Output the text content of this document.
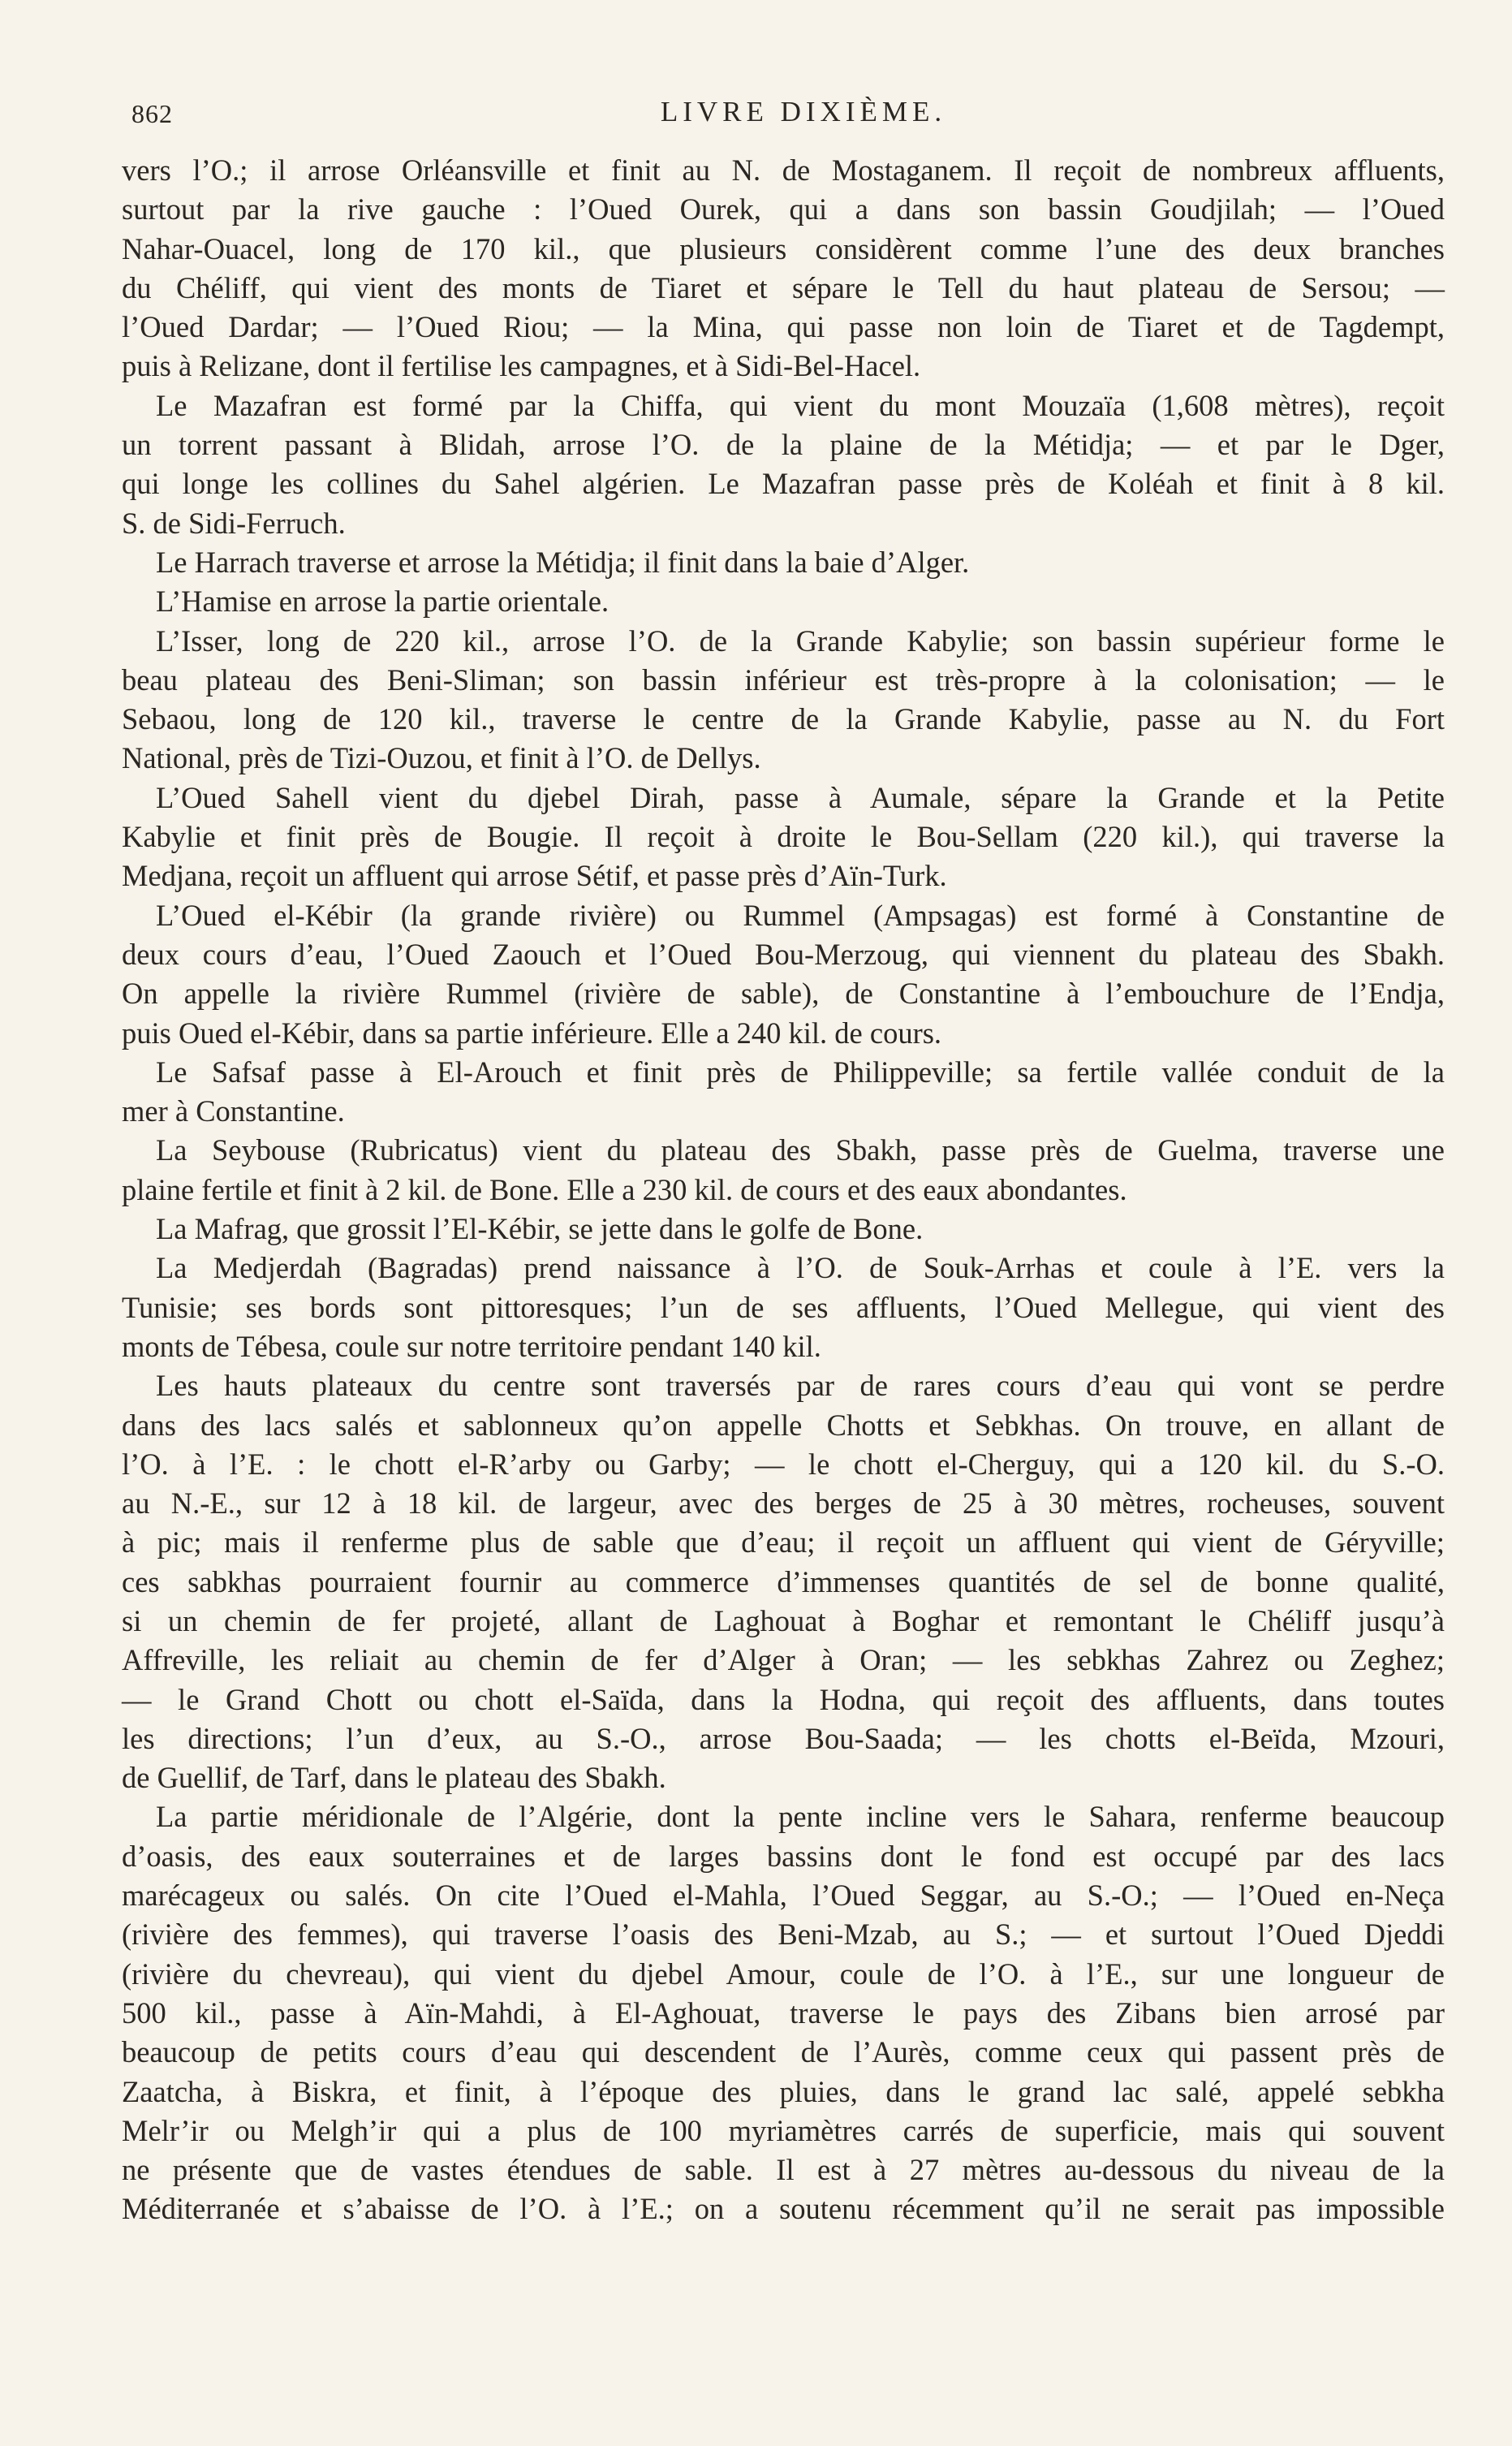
862	LIVRE DIXIÈME.
vers l’O.; il arrose Orléansville et finit au N. de Mostaganem. Il reçoit de nombreux affluents,
surtout par la rive gauche : l’Oued Ourek, qui a dans son bassin Goudjilah; — l’Oued
Nahar-Ouacel, long de 170 kil., que plusieurs considèrent comme l’une des deux branches
du Chéliff, qui vient des monts de Tiaret et sépare le Tell du haut plateau de Sersou; —
l’Oued Dardar; — l’Oued Riou; — la Mina, qui passe non loin de Tiaret et de Tagdempt,
puis à Relizane, dont il fertilise les campagnes, et à Sidi-Bel-Hacel.
Le Mazafran est formé par la Chiffa, qui vient du mont Mouzaïa (1,608 mètres), reçoit
un torrent passant à Blidah, arrose l’O. de la plaine de la Métidja; — et par le Dger,
qui longe les collines du Sahel algérien. Le Mazafran passe près de Koléah et finit à 8 kil.
S. de Sidi-Ferruch.
Le Harrach traverse et arrose la Métidja; il finit dans la baie d’Alger.
L’Hamise en arrose la partie orientale.
L’Isser, long de 220 kil., arrose l’O. de la Grande Kabylie; son bassin supérieur forme le
beau plateau des Beni-Sliman; son bassin inférieur est très-propre à la colonisation; — le
Sebaou, long de 120 kil., traverse le centre de la Grande Kabylie, passe au N. du Fort
National, près de Tizi-Ouzou, et finit à l’O. de Dellys.
L’Oued Sahell vient du djebel Dirah, passe à Aumale, sépare la Grande et la Petite
Kabylie et finit près de Bougie. Il reçoit à droite le Bou-Sellam (220 kil.), qui traverse la
Medjana, reçoit un affluent qui arrose Sétif, et passe près d’Aïn-Turk.
L’Oued el-Kébir (la grande rivière) ou Rummel (Ampsagas) est formé à Constantine de
deux cours d’eau, l’Oued Zaouch et l’Oued Bou-Merzoug, qui viennent du plateau des Sbakh.
On appelle la rivière Rummel (rivière de sable), de Constantine à l’embouchure de l’Endja,
puis Oued el-Kébir, dans sa partie inférieure. Elle a 240 kil. de cours.
Le Safsaf passe à El-Arouch et finit près de Philippeville; sa fertile vallée conduit de la
mer à Constantine.
La Seybouse (Rubricatus) vient du plateau des Sbakh, passe près de Guelma, traverse une
plaine fertile et finit à 2 kil. de Bone. Elle a 230 kil. de cours et des eaux abondantes.
La Mafrag, que grossit l’El-Kébir, se jette dans le golfe de Bone.
La Medjerdah (Bagradas) prend naissance à l’O. de Souk-Arrhas et coule à l’E. vers la
Tunisie; ses bords sont pittoresques; l’un de ses affluents, l’Oued Mellegue, qui vient des
monts de Tébesa, coule sur notre territoire pendant 140 kil.
Les hauts plateaux du centre sont traversés par de rares cours d’eau qui vont se perdre
dans des lacs salés et sablonneux qu’on appelle Chotts et Sebkhas. On trouve, en allant de
l’O. à l’E. : le chott el-R’arby ou Garby; — le chott el-Cherguy, qui a 120 kil. du S.-O.
au N.-E., sur 12 à 18 kil. de largeur, avec des berges de 25 à 30 mètres, rocheuses, souvent
à pic; mais il renferme plus de sable que d’eau; il reçoit un affluent qui vient de Géryville;
ces sabkhas pourraient fournir au commerce d’immenses quantités de sel de bonne qualité,
si un chemin de fer projeté, allant de Laghouat à Boghar et remontant le Chéliff jusqu’à
Affreville, les reliait au chemin de fer d’Alger à Oran; — les sebkhas Zahrez ou Zeghez;
— le Grand Chott ou chott el-Saïda, dans la Hodna, qui reçoit des affluents, dans toutes
les directions; l’un d’eux, au S.-O., arrose Bou-Saada; — les chotts el-Beïda, Mzouri,
de Guellif, de Tarf, dans le plateau des Sbakh.
La partie méridionale de l’Algérie, dont la pente incline vers le Sahara, renferme beaucoup
d’oasis, des eaux souterraines et de larges bassins dont le fond est occupé par des lacs
marécageux ou salés. On cite l’Oued el-Mahla, l’Oued Seggar, au S.-O.; — l’Oued en-Neça
(rivière des femmes), qui traverse l’oasis des Beni-Mzab, au S.; — et surtout l’Oued Djeddi
(rivière du chevreau), qui vient du djebel Amour, coule de l’O. à l’E., sur une longueur de
500 kil., passe à Aïn-Mahdi, à El-Aghouat, traverse le pays des Zibans bien arrosé par
beaucoup de petits cours d’eau qui descendent de l’Aurès, comme ceux qui passent près de
Zaatcha, à Biskra, et finit, à l’époque des pluies, dans le grand lac salé, appelé sebkha
Melr’ir ou Melgh’ir qui a plus de 100 myriamètres carrés de superficie, mais qui souvent
ne présente que de vastes étendues de sable. Il est à 27 mètres au-dessous du niveau de la
Méditerranée et s’abaisse de l’O. à l’E.; on a soutenu récemment qu’il ne serait pas impossible
